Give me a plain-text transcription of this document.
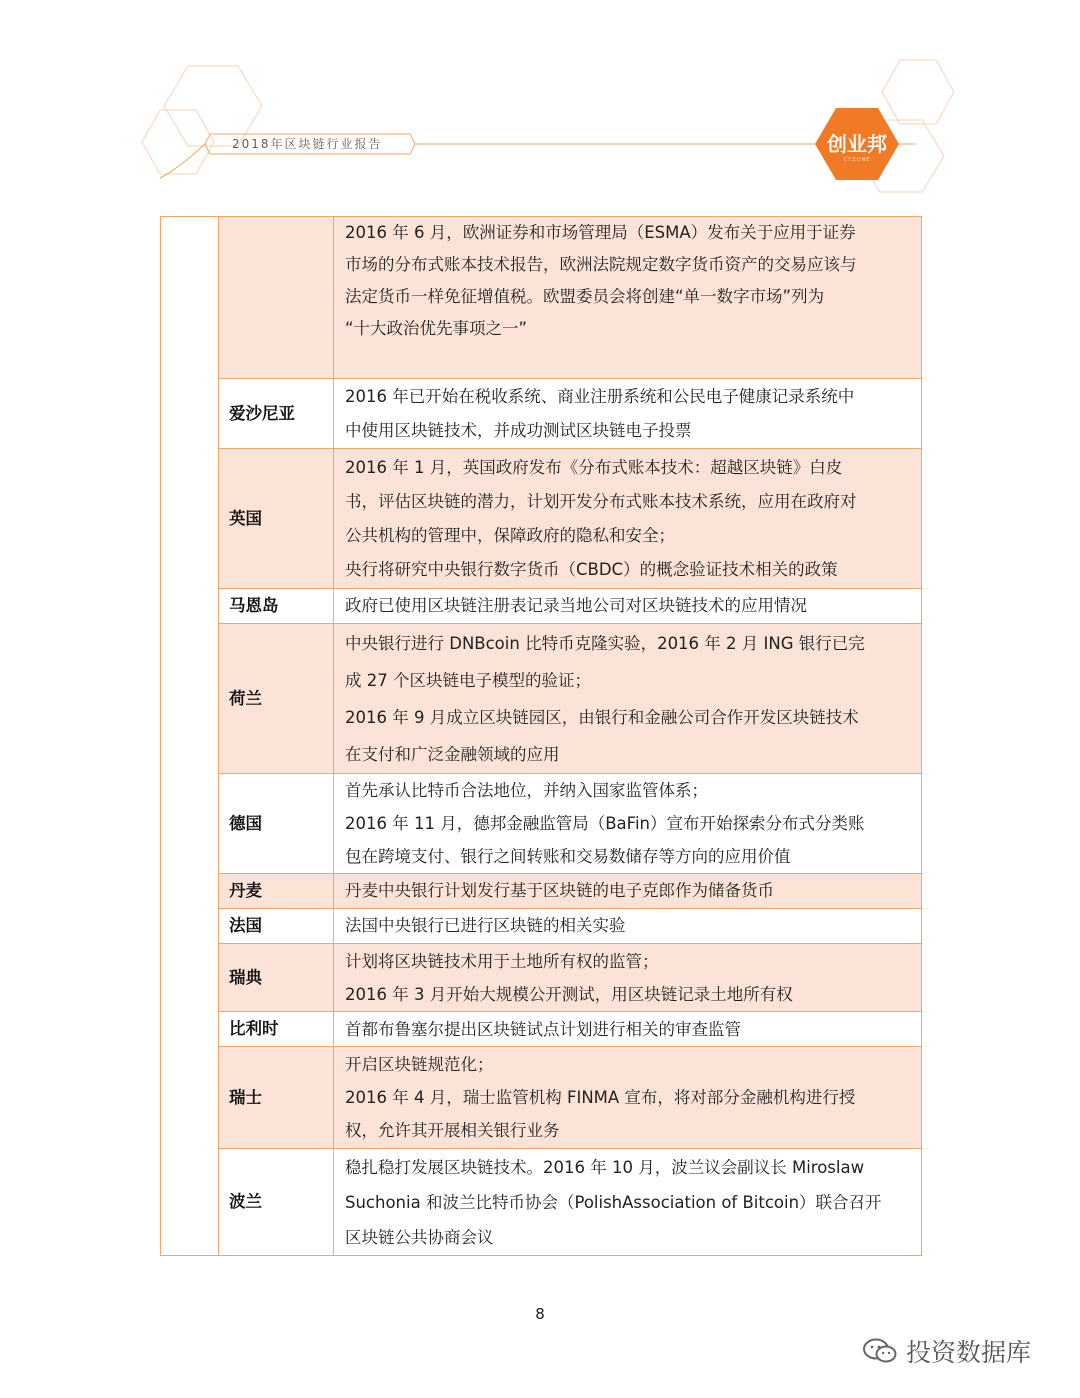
2018年区块链行业报告	创业邦
CYZONE

		2016 年 6 月，欧洲证券和市场管理局（ESMA）发布关于应用于证券
市场的分布式账本技术报告，欧洲法院规定数字货币资产的交易应该与
法定货币一样免征增值税。欧盟委员会将创建“单一数字市场”列为
“十大政治优先事项之一”

	爱沙尼亚	2016 年已开始在税收系统、商业注册系统和公民电子健康记录系统中
中使用区块链技术，并成功测试区块链电子投票

	英国	2016 年 1 月，英国政府发布《分布式账本技术：超越区块链》白皮
书，评估区块链的潜力，计划开发分布式账本技术系统，应用在政府对
公共机构的管理中，保障政府的隐私和安全；
央行将研究中央银行数字货币（CBDC）的概念验证技术相关的政策

	马恩岛	政府已使用区块链注册表记录当地公司对区块链技术的应用情况

	荷兰	中央银行进行 DNBcoin 比特币克隆实验，2016 年 2 月 ING 银行已完
成 27 个区块链电子模型的验证；
2016 年 9 月成立区块链园区，由银行和金融公司合作开发区块链技术
在支付和广泛金融领域的应用

	德国	首先承认比特币合法地位，并纳入国家监管体系；
2016 年 11 月，德邦金融监管局（BaFin）宣布开始探索分布式分类账
包在跨境支付、银行之间转账和交易数储存等方向的应用价值

	丹麦	丹麦中央银行计划发行基于区块链的电子克郎作为储备货币

	法国	法国中央银行已进行区块链的相关实验

	瑞典	计划将区块链技术用于土地所有权的监管；
2016 年 3 月开始大规模公开测试，用区块链记录土地所有权

	比利时	首都布鲁塞尔提出区块链试点计划进行相关的审查监管

	瑞士	开启区块链规范化；
2016 年 4 月，瑞士监管机构 FINMA 宣布，将对部分金融机构进行授
权，允许其开展相关银行业务

	波兰	稳扎稳打发展区块链技术。2016 年 10 月，波兰议会副议长 Miroslaw
Suchonia 和波兰比特币协会（PolishAssociation of Bitcoin）联合召开
区块链公共协商会议
8
投资数据库
